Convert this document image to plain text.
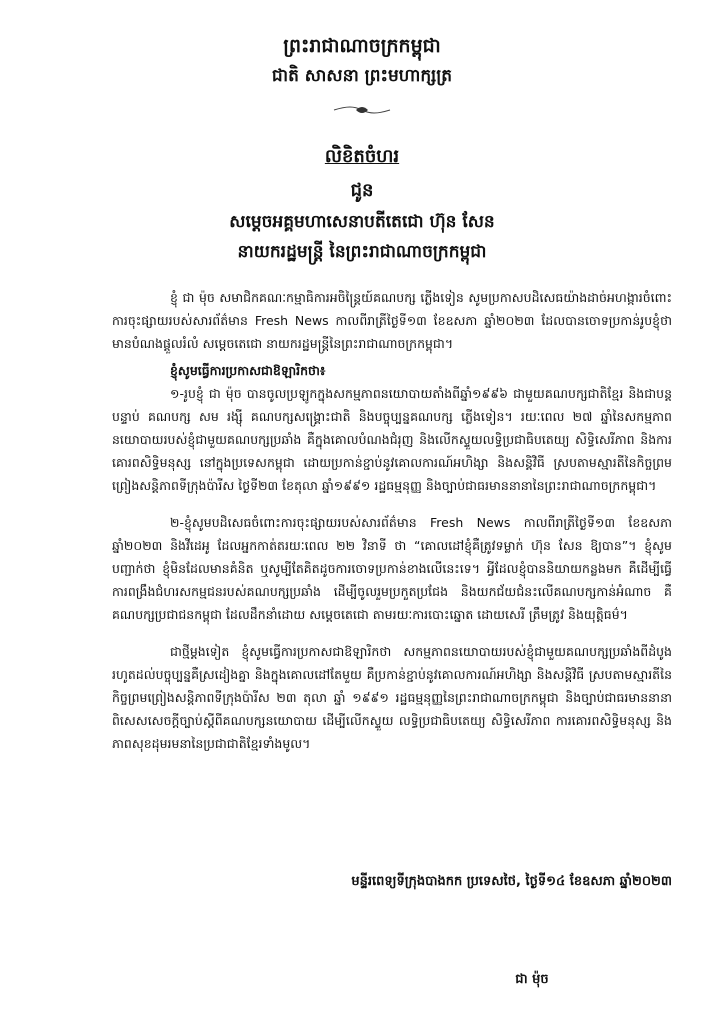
ព្រះរាជាណាចក្រកម្ពុជា

ជាតិ សាសនា ព្រះមហាក្សត្រ

លិខិតចំហរ

ជូន

សម្តេចអគ្គមហាសេនាបតីតេជោ ហ៊ុន សែន

នាយករដ្ឋមន្ត្រី នៃព្រះរាជាណាចក្រកម្ពុជា

ខ្ញុំ ជា ម៉ុច សមាជិកគណៈកម្មាធិការអចិន្ត្រៃយ៍គណបក្ស ភ្លើងទៀន សូមប្រកាសបដិសេធយ៉ាងដាច់អហង្ការចំពោះការចុះផ្សាយរបស់សារព័ត៌មាន Fresh News កាលពីរាត្រីថ្ងៃទី១៣ ខែឧសភា ឆ្នាំ២០២៣ ដែលបានចោទប្រកាន់រូបខ្ញុំថា មានបំណងផ្តួលរំលំ សម្តេចតេជោ នាយករដ្ឋមន្ត្រីនៃព្រះរាជាណាចក្រកម្ពុជា។

ខ្ញុំសូមធ្វើការប្រកាសជាឱឡារិកថា៖

១-រូបខ្ញុំ ជា ម៉ុច បានចូលប្រឡូកក្នុងសកម្មភាពនយោបាយតាំងពីឆ្នាំ១៩៩៦ ជាមួយគណបក្សជាតិខ្មែរ និងជាបន្តបន្ទាប់ គណបក្ស សម រង្ស៊ី គណបក្សសង្គ្រោះជាតិ និងបច្ចុប្បន្នគណបក្ស ភ្លើងទៀន។ រយៈពេល ២៧ ឆ្នាំនៃសកម្មភាពនយោបាយរបស់ខ្ញុំជាមួយគណបក្សប្រឆាំង គឺក្នុងគោលបំណងជំរុញ និងលើកស្ទួយលទ្ធិប្រជាធិបតេយ្យ សិទ្ធិសេរីភាព និងការគោរពសិទ្ធិមនុស្ស នៅក្នុងប្រទេសកម្ពុជា ដោយប្រកាន់ខ្ជាប់នូវគោលការណ៍អហិង្សា និងសន្តិវិធី ស្របតាមស្មារតីនៃកិច្ចព្រមព្រៀងសន្តិភាពទីក្រុងប៉ារីស ថ្ងៃទី២៣ ខែតុលា ឆ្នាំ១៩៩១ រដ្ឋធម្មនុញ្ញ និងច្បាប់ជាធរមាននានានៃព្រះរាជាណាចក្រកម្ពុជា។

២-ខ្ញុំសូមបដិសេធចំពោះការចុះផ្សាយរបស់សារព័ត៌មាន Fresh News កាលពីរាត្រីថ្ងៃទី១៣ ខែឧសភា ឆ្នាំ២០២៣ និងវីដេអូ ដែលអ្នកកាត់តរយៈពេល ២២ វិនាទី ថា “គោលដៅខ្ញុំគឺត្រូវទម្លាក់ ហ៊ុន សែន ឱ្យបាន”។ ខ្ញុំសូមបញ្ជាក់ថា ខ្ញុំមិនដែលមានគំនិត ឬសូម្បីតែគិតដូចការចោទប្រកាន់ខាងលើនេះទេ។ អ្វីដែលខ្ញុំបាននិយាយកន្លងមក គឺដើម្បីធ្វើការពង្រឹងជំហរសកម្មជនរបស់គណបក្សប្រឆាំង ដើម្បីចូលរួមប្រកួតប្រជែង និងយកជ័យជំនះលើគណបក្សកាន់អំណាច គឺគណបក្សប្រជាជនកម្ពុជា ដែលដឹកនាំដោយ សម្តេចតេជោ តាមរយៈការបោះឆ្នោត ដោយសេរី ត្រឹមត្រូវ និងយុត្តិធម៌។

ជាថ្មីម្តងទៀត ខ្ញុំសូមធ្វើការប្រកាសជាឱឡារិកថា សកម្មភាពនយោបាយរបស់ខ្ញុំជាមួយគណបក្សប្រឆាំងពីដំបូងរហូតដល់បច្ចុប្បន្នគឺស្រដៀងគ្នា និងក្នុងគោលដៅតែមួយ គឺប្រកាន់ខ្ជាប់នូវគោលការណ៍អហិង្សា និងសន្តិវិធី ស្របតាមស្មារតីនៃកិច្ចព្រមព្រៀងសន្តិភាពទីក្រុងប៉ារីស ២៣ តុលា ឆ្នាំ ១៩៩១ រដ្ឋធម្មនុញ្ញនៃព្រះរាជាណាចក្រកម្ពុជា និងច្បាប់ជាធរមាននានា ពិសេសសេចក្តីច្បាប់ស្តីពីគណបក្សនយោបាយ ដើម្បីលើកស្ទួយ លទ្ធិប្រជាធិបតេយ្យ សិទ្ធិសេរីភាព ការគោរពសិទ្ធិមនុស្ស និងភាពសុខដុមរមនានៃប្រជាជាតិខ្មែរទាំងមូល។

មន្ទីរពេទ្យទីក្រុងបាងកក ប្រទេសថៃ, ថ្ងៃទី១៤ ខែឧសភា ឆ្នាំ២០២៣
ជា ម៉ុច
